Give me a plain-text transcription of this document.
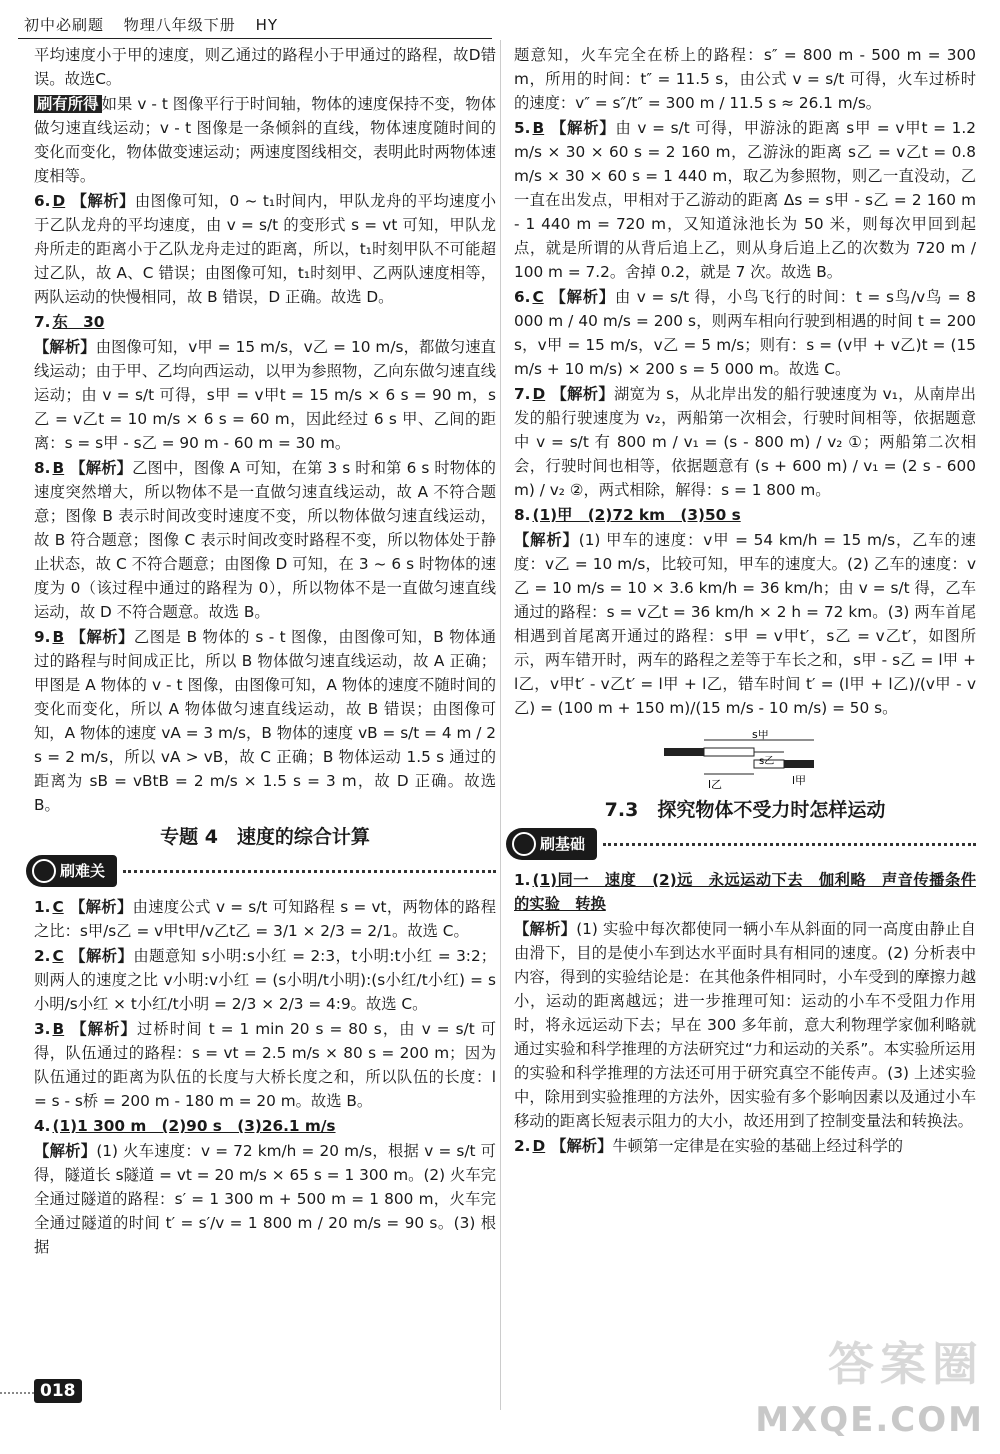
初中必刷题 物理八年级下册 HY

平均速度小于甲的速度，则乙通过的路程小于甲通过的路程，故D错误。故选C。

刷有所得 如果 v - t 图像平行于时间轴，物体的速度保持不变，物体做匀速直线运动；v - t 图像是一条倾斜的直线，物体速度随时间的变化而变化，物体做变速运动；两速度图线相交，表明此时两物体速度相等。

6. D 【解析】由图像可知，0 ~ t₁时间内，甲队龙舟的平均速度小于乙队龙舟的平均速度，由 v = s/t 的变形式 s = vt 可知，甲队龙舟所走的距离小于乙队龙舟走过的距离，所以，t₁时刻甲队不可能超过乙队，故 A、C 错误；由图像可知，t₁时刻甲、乙两队速度相等，两队运动的快慢相同，故 B 错误，D 正确。故选 D。

7. 东　30

【解析】由图像可知，v甲 = 15 m/s，v乙 = 10 m/s，都做匀速直线运动；由于甲、乙均向西运动，以甲为参照物，乙向东做匀速直线运动；由 v = s/t 可得，s甲 = v甲t = 15 m/s × 6 s = 90 m，s乙 = v乙t = 10 m/s × 6 s = 60 m，因此经过 6 s 甲、乙间的距离：s = s甲 - s乙 = 90 m - 60 m = 30 m。

8. B 【解析】乙图中，图像 A 可知，在第 3 s 时和第 6 s 时物体的速度突然增大，所以物体不是一直做匀速直线运动，故 A 不符合题意；图像 B 表示时间改变时速度不变，所以物体做匀速直线运动，故 B 符合题意；图像 C 表示时间改变时路程不变，所以物体处于静止状态，故 C 不符合题意；由图像 D 可知，在 3 ~ 6 s 时物体的速度为 0（该过程中通过的路程为 0），所以物体不是一直做匀速直线运动，故 D 不符合题意。故选 B。

9. B 【解析】乙图是 B 物体的 s - t 图像，由图像可知，B 物体通过的路程与时间成正比，所以 B 物体做匀速直线运动，故 A 正确；甲图是 A 物体的 v - t 图像，由图像可知，A 物体的速度不随时间的变化而变化，所以 A 物体做匀速直线运动，故 B 错误；由图像可知，A 物体的速度 vA = 3 m/s，B 物体的速度 vB = s/t = 4 m / 2 s = 2 m/s，所以 vA > vB，故 C 正确；B 物体运动 1.5 s 通过的距离为 sB = vBtB = 2 m/s × 1.5 s = 3 m，故 D 正确。故选 B。

专题 4　速度的综合计算
刷难关

1. C 【解析】由速度公式 v = s/t 可知路程 s = vt，两物体的路程之比：s甲/s乙 = v甲t甲/v乙t乙 = 3/1 × 2/3 = 2/1。故选 C。

2. C 【解析】由题意知 s小明:s小红 = 2:3，t小明:t小红 = 3:2；则两人的速度之比 v小明:v小红 = (s小明/t小明):(s小红/t小红) = s小明/s小红 × t小红/t小明 = 2/3 × 2/3 = 4:9。故选 C。

3. B 【解析】过桥时间 t = 1 min 20 s = 80 s，由 v = s/t 可得，队伍通过的路程：s = vt = 2.5 m/s × 80 s = 200 m；因为队伍通过的距离为队伍的长度与大桥长度之和，所以队伍的长度：l = s - s桥 = 200 m - 180 m = 20 m。故选 B。

4. (1)1 300 m　(2)90 s　(3)26.1 m/s

【解析】(1) 火车速度：v = 72 km/h = 20 m/s，根据 v = s/t 可得，隧道长 s隧道 = vt = 20 m/s × 65 s = 1 300 m。(2) 火车完全通过隧道的路程：s′ = 1 300 m + 500 m = 1 800 m，火车完全通过隧道的时间 t′ = s′/v = 1 800 m / 20 m/s = 90 s。(3) 根据

题意知，火车完全在桥上的路程：s″ = 800 m - 500 m = 300 m，所用的时间：t″ = 11.5 s，由公式 v = s/t 可得，火车过桥时的速度：v″ = s″/t″ = 300 m / 11.5 s ≈ 26.1 m/s。

5. B 【解析】由 v = s/t 可得，甲游泳的距离 s甲 = v甲t = 1.2 m/s × 30 × 60 s = 2 160 m，乙游泳的距离 s乙 = v乙t = 0.8 m/s × 30 × 60 s = 1 440 m，取乙为参照物，则乙一直没动，乙一直在出发点，甲相对于乙游动的距离 Δs = s甲 - s乙 = 2 160 m - 1 440 m = 720 m，又知道泳池长为 50 米，则每次甲回到起点，就是所谓的从背后追上乙，则从身后追上乙的次数为 720 m / 100 m = 7.2。舍掉 0.2，就是 7 次。故选 B。

6. C 【解析】由 v = s/t 得，小鸟飞行的时间：t = s鸟/v鸟 = 8 000 m / 40 m/s = 200 s，则两车相向行驶到相遇的时间 t = 200 s，v甲 = 15 m/s，v乙 = 5 m/s；则有：s = (v甲 + v乙)t = (15 m/s + 10 m/s) × 200 s = 5 000 m。故选 C。

7. D 【解析】湖宽为 s，从北岸出发的船行驶速度为 v₁，从南岸出发的船行驶速度为 v₂，两船第一次相会，行驶时间相等，依据题意中 v = s/t 有 800 m / v₁ = (s - 800 m) / v₂ ①；两船第二次相会，行驶时间也相等，依据题意有 (s + 600 m) / v₁ = (2 s - 600 m) / v₂ ②，两式相除，解得：s = 1 800 m。

8. (1)甲　(2)72 km　(3)50 s

【解析】(1) 甲车的速度：v甲 = 54 km/h = 15 m/s，乙车的速度：v乙 = 10 m/s，比较可知，甲车的速度大。(2) 乙车的速度：v乙 = 10 m/s = 10 × 3.6 km/h = 36 km/h；由 v = s/t 得，乙车通过的路程：s = v乙t = 36 km/h × 2 h = 72 km。(3) 两车首尾相遇到首尾离开通过的路程：s甲 = v甲t′，s乙 = v乙t′，如图所示，两车错开时，两车的路程之差等于车长之和，s甲 - s乙 = l甲 + l乙，v甲t′ - v乙t′ = l甲 + l乙，错车时间 t′ = (l甲 + l乙)/(v甲 - v乙) = (100 m + 150 m)/(15 m/s - 10 m/s) = 50 s。

s甲
l乙
s乙
l甲
7.3　探究物体不受力时怎样运动
刷基础

1. (1)同一　速度　(2)远　永远运动下去　伽利略　声音传播条件的实验　转换

【解析】(1) 实验中每次都使同一辆小车从斜面的同一高度由静止自由滑下，目的是使小车到达水平面时具有相同的速度。(2) 分析表中内容，得到的实验结论是：在其他条件相同时，小车受到的摩擦力越小，运动的距离越远；进一步推理可知：运动的小车不受阻力作用时，将永远运动下去；早在 300 多年前，意大利物理学家伽利略就通过实验和科学推理的方法研究过“力和运动的关系”。本实验所运用的实验和科学推理的方法还可用于研究真空不能传声。(3) 上述实验中，除用到实验推理的方法外，因实验有多个影响因素以及通过小车移动的距离长短表示阻力的大小，故还用到了控制变量法和转换法。

2. D 【解析】牛顿第一定律是在实验的基础上经过科学的

018	答案圈
MXQE.COM
